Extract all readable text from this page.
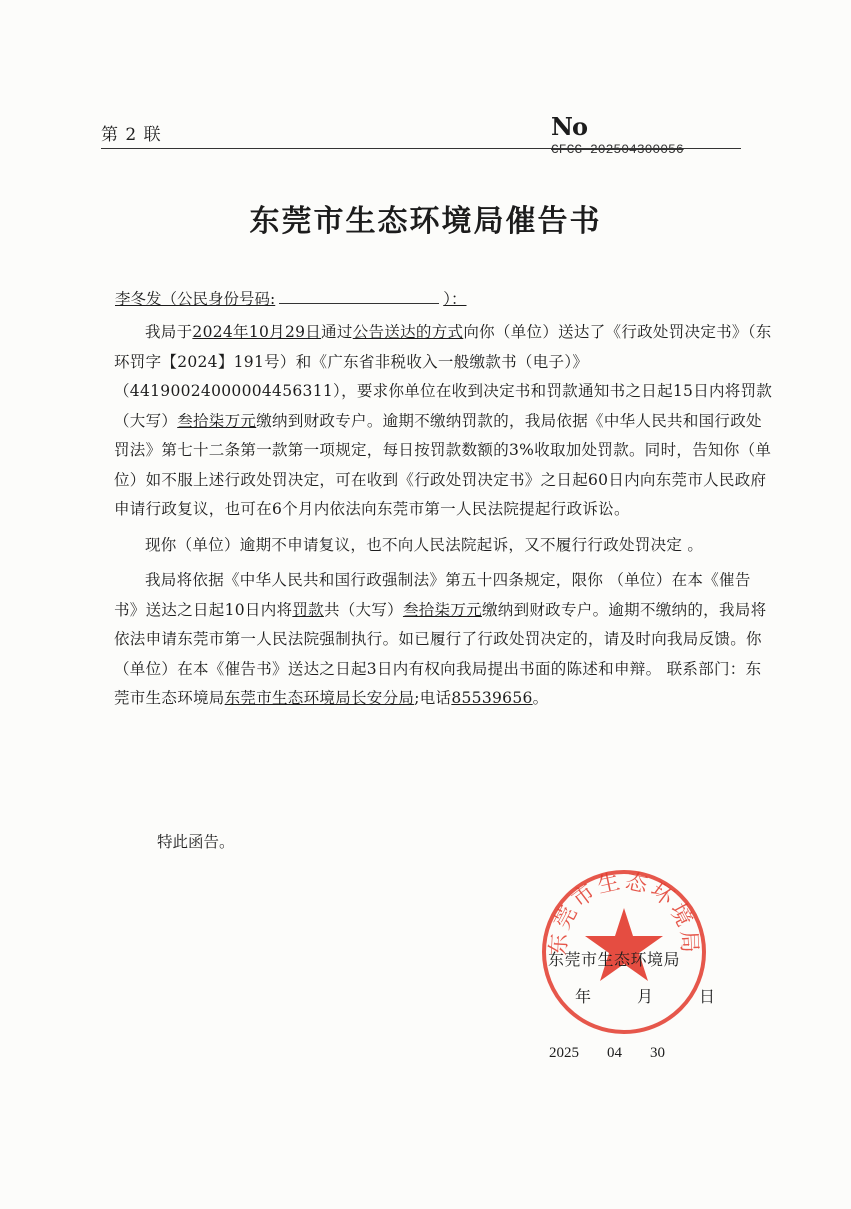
第 2 联	No
CFCG-202504300056
东莞市生态环境局催告书
李冬发（公民身份号码:	）：

我局于2024年10月29日通过公告送达的方式向你（单位）送达了《行政处罚决定书》（东环罚字【2024】191号）和《广东省非税收入一般缴款书（电子）》（4419002400000445631​1），要求你单位在收到决定书和罚款通知书之日起15日内将罚款（大写）叁拾柒万元缴纳到财政专户。逾期不缴纳罚款的，我局依据《中华人民共和国行政处罚法》第七十二条第一款第一项规定，每日按罚款数额的3%收取加处罚款。同时，告知你（单位）如不服上述行政处罚决定，可在收到《行政处罚决定书》之日起60日内向东莞市人民政府申请行政复议，也可在6个月内依法向东莞市第一人民法院提起行政诉讼。

现你（单位）逾期不申请复议，也不向人民法院起诉，又不履行行政处罚决定 。

我局将依据《中华人民共和国行政强制法》第五十四条规定，限你 （单位）在本《催告书》送达之日起10日内将罚款共（大写）叁拾柒万元缴纳到财政专户。逾期不缴纳的，我局将依法申请东莞市第一人民法院强制执行。如已履行了行政处罚决定的，请及时向我局反馈。你（单位）在本《催告书》送达之日起3日内有权向我局提出书面的陈述和申辩。 联系部门：东莞市生态环境局东莞市生态环境局长安分局;电话85539656。

特此函告。
东莞市生态环境局
东莞市生态环境局
年	月	日
2025 04 30
